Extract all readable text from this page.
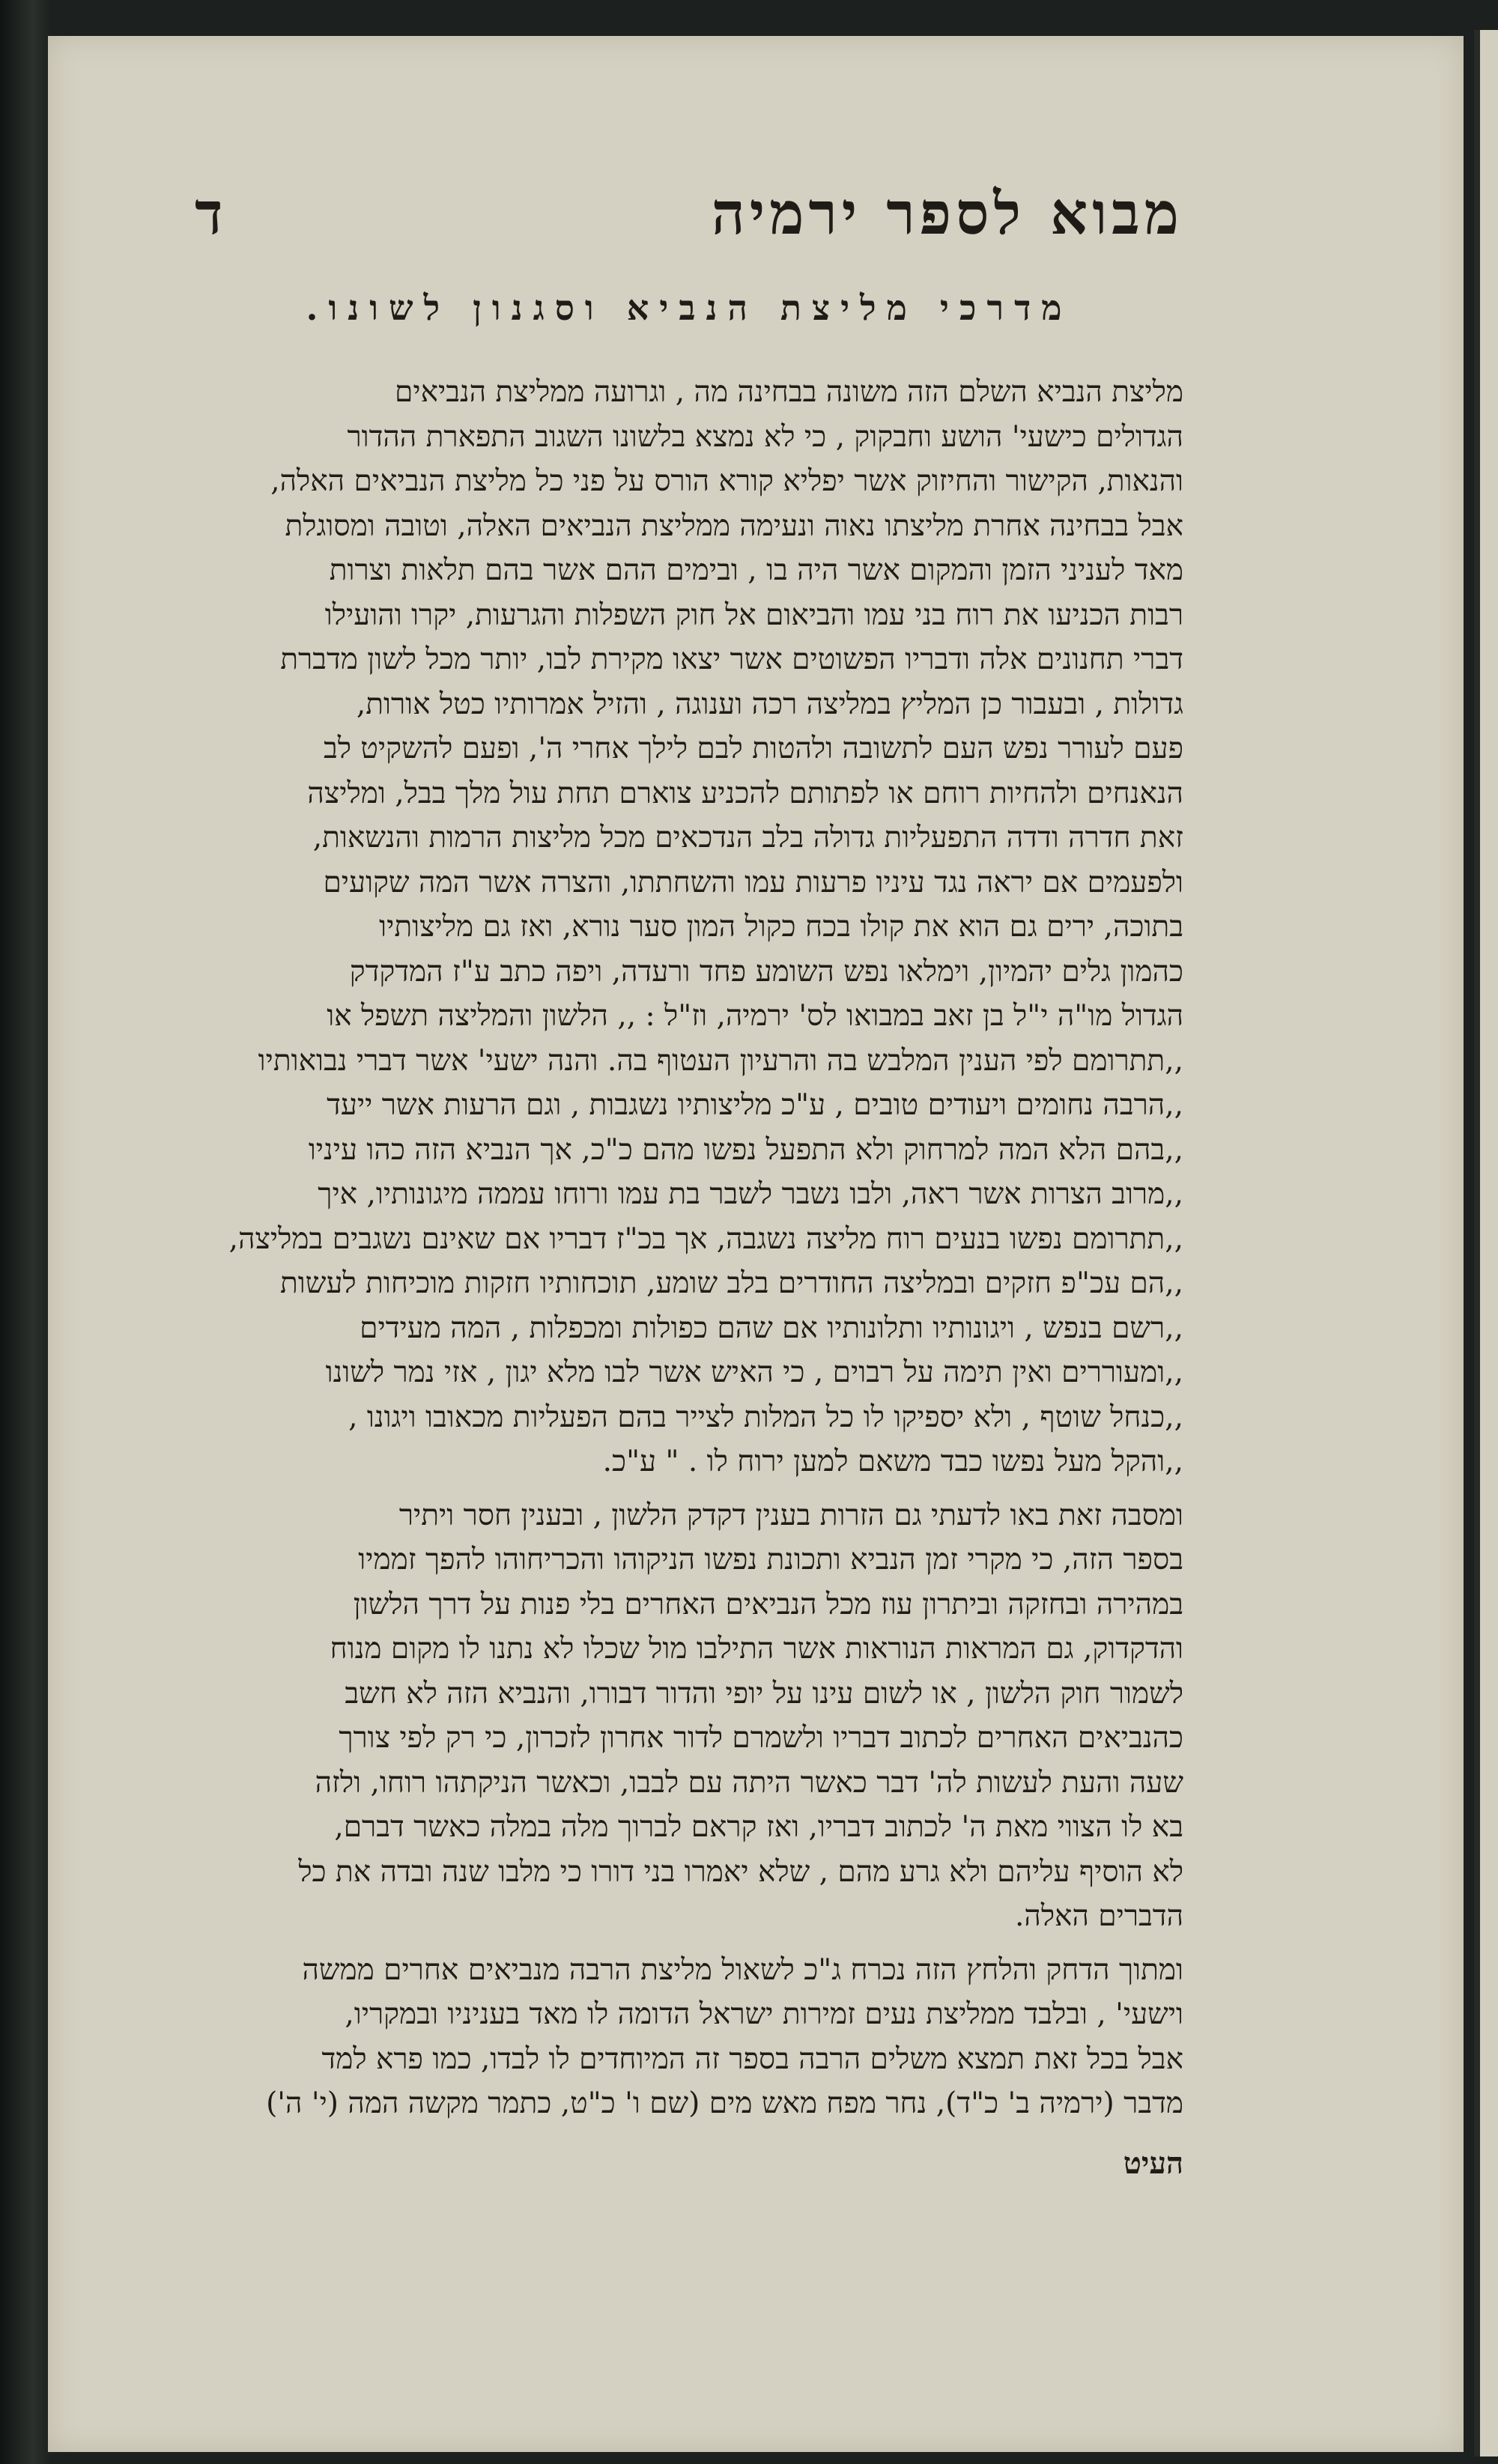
מבוא לספר ירמיה
ד
מדרכי מליצת הנביא וסגנון לשונו.
מליצת הנביא השלם הזה משונה בבחינה מה , וגרועה ממליצת הנביאים
הגדולים כישעי' הושע וחבקוק , כי לא נמצא בלשונו השגוב התפארת ההדור
והנאות, הקישור והחיזוק אשר יפליא קורא הורס על פני כל מליצת הנביאים האלה,
אבל בבחינה אחרת מליצתו נאוה ונעימה ממליצת הנביאים האלה, וטובה ומסוגלת
מאד לעניני הזמן והמקום אשר היה בו , ובימים ההם אשר בהם תלאות וצרות
רבות הכניעו את רוח בני עמו והביאום אל חוק השפלות והגרעות, יקרו והועילו
דברי תחנונים אלה ודבריו הפשוטים אשר יצאו מקירת לבו, יותר מכל לשון מדברת
גדולות , ובעבור כן המליץ במליצה רכה וענוגה , והזיל אמרותיו כטל אורות,
פעם לעורר נפש העם לתשובה ולהטות לבם לילך אחרי ה', ופעם להשקיט לב
הנאנחים ולהחיות רוחם או לפתותם להכניע צוארם תחת עול מלך בבל, ומליצה
זאת חדרה ודדה התפעליות גדולה בלב הנדכאים מכל מליצות הרמות והנשאות,
ולפעמים אם יראה נגד עיניו פרעות עמו והשחתתו, והצרה אשר המה שקועים
בתוכה, ירים גם הוא את קולו בכח כקול המון סער נורא, ואז גם מליצותיו
כהמון גלים יהמיון, וימלאו נפש השומע פחד ורעדה, ויפה כתב ע"ז המדקדק
הגדול מו"ה י"ל בן זאב במבואו לס' ירמיה, וז"ל : ,, הלשון והמליצה תשפל או
,,תתרומם לפי הענין המלבש בה והרעיון העטוף בה. והנה ישעי' אשר דברי נבואותיו
,,הרבה נחומים ויעודים טובים , ע"כ מליצותיו נשגבות , וגם הרעות אשר ייעד
,,בהם הלא המה למרחוק ולא התפעל נפשו מהם כ"כ, אך הנביא הזה כהו עיניו
,,מרוב הצרות אשר ראה, ולבו נשבר לשבר בת עמו ורוחו עממה מיגונותיו, איך
,,תתרומם נפשו בנעים רוח מליצה נשגבה, אך בכ"ז דבריו אם שאינם נשגבים במליצה,
,,הם עכ"פ חזקים ובמליצה החודרים בלב שומע, תוכחותיו חזקות מוכיחות לעשות
,,רשם בנפש , ויגונותיו ותלונותיו אם שהם כפולות ומכפלות , המה מעידים
,,ומעוררים ואין תימה על רבוים , כי האיש אשר לבו מלא יגון , אזי נמר לשונו
,,כנחל שוטף , ולא יספיקו לו כל המלות לצייר בהם הפעליות מכאובו ויגונו ,
,,והקל מעל נפשו כבד משאם למען ירוח לו . " ע"כ.
ומסבה זאת באו לדעתי גם הזרות בענין דקדק הלשון , ובענין חסר ויתיר
בספר הזה, כי מקרי זמן הנביא ותכונת נפשו הניקוהו והכריחוהו להפך זממיו
במהירה ובחזקה וביתרון עוז מכל הנביאים האחרים בלי פנות על דרך הלשון
והדקדוק, גם המראות הנוראות אשר התילבו מול שכלו לא נתנו לו מקום מנוח
לשמור חוק הלשון , או לשום עינו על יופי והדור דבורו, והנביא הזה לא חשב
כהנביאים האחרים לכתוב דבריו ולשמרם לדור אחרון לזכרון, כי רק לפי צורך
שעה והעת לעשות לה' דבר כאשר היתה עם לבבו, וכאשר הניקתהו רוחו, ולזה
בא לו הצווי מאת ה' לכתוב דבריו, ואז קראם לברוך מלה במלה כאשר דברם,
לא הוסיף עליהם ולא גרע מהם , שלא יאמרו בני דורו כי מלבו שנה ובדה את כל
הדברים האלה.
ומתוך הדחק והלחץ הזה נכרח ג"כ לשאול מליצת הרבה מנביאים אחרים ממשה
וישעי' , ובלבד ממליצת נעים זמירות ישראל הדומה לו מאד בעניניו ובמקריו,
אבל בכל זאת תמצא משלים הרבה בספר זה המיוחדים לו לבדו, כמו פרא למד
מדבר (ירמיה ב' כ"ד), נחר מפח מאש מים (שם ו' כ"ט, כתמר מקשה המה (י' ה')
העיט
